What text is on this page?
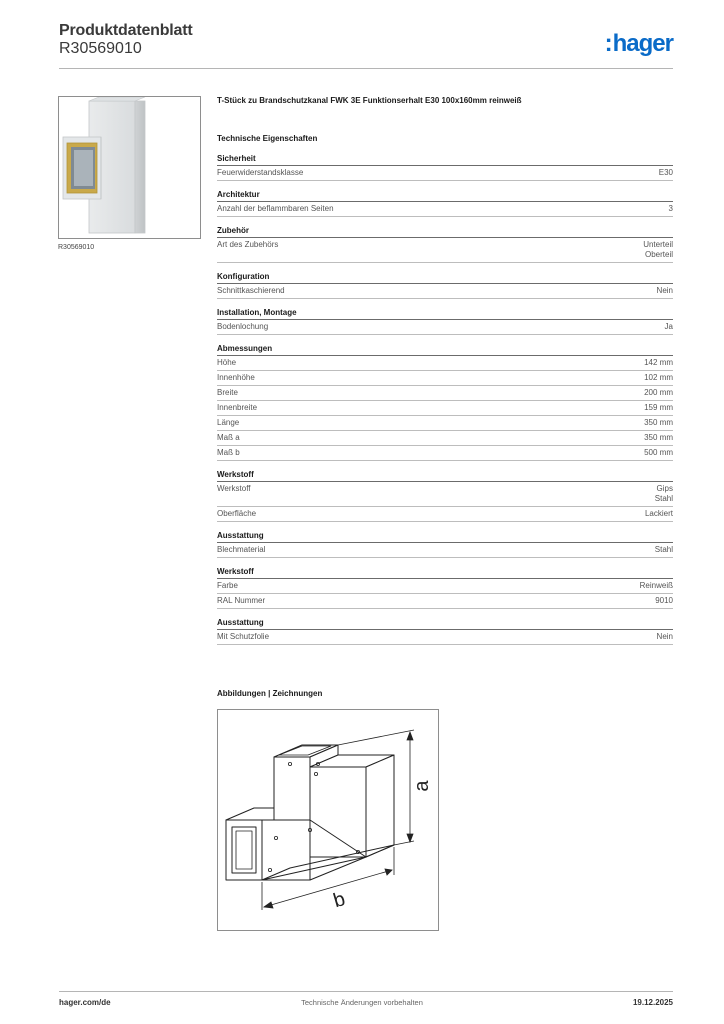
Produktdatenblatt
R30569010	:hager
R30569010
T-Stück zu Brandschutzkanal FWK 3E Funktionserhalt E30 100x160mm reinweiß
Technische Eigenschaften
Sicherheit
Feuerwiderstandsklasse	E30
Architektur
Anzahl der beflammbaren Seiten	3
Zubehör
Art des Zubehörs	Unterteil
Oberteil
Konfiguration
Schnittkaschierend	Nein
Installation, Montage
Bodenlochung	Ja
Abmessungen
Höhe	142 mm
Innenhöhe	102 mm
Breite	200 mm
Innenbreite	159 mm
Länge	350 mm
Maß a	350 mm
Maß b	500 mm
Werkstoff
Werkstoff	Gips
Stahl
Oberfläche	Lackiert
Ausstattung
Blechmaterial	Stahl
Werkstoff
Farbe	Reinweiß
RAL Nummer	9010
Ausstattung
Mit Schutzfolie	Nein
Abbildungen | Zeichnungen
a
b
hager.com/de	Technische Änderungen vorbehalten	19.12.2025
